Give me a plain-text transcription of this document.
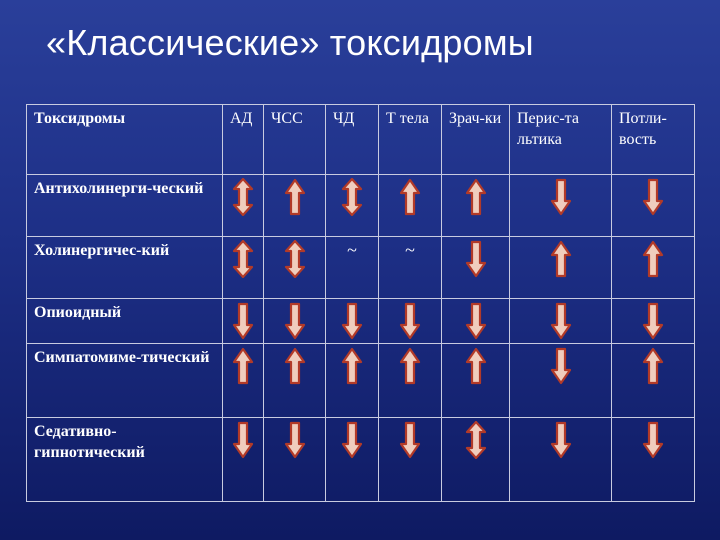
«Классические» токсидромы
Токсидромы	АД	ЧСС	ЧД	Т тела	Зрач-ки	Перис-та льтика	Потли-вость
Антихолинерги-ческий							
Холинергичес-кий			~	~

Опиоидный							
Симпатомиме-тический							
Седативно-гипнотический							
